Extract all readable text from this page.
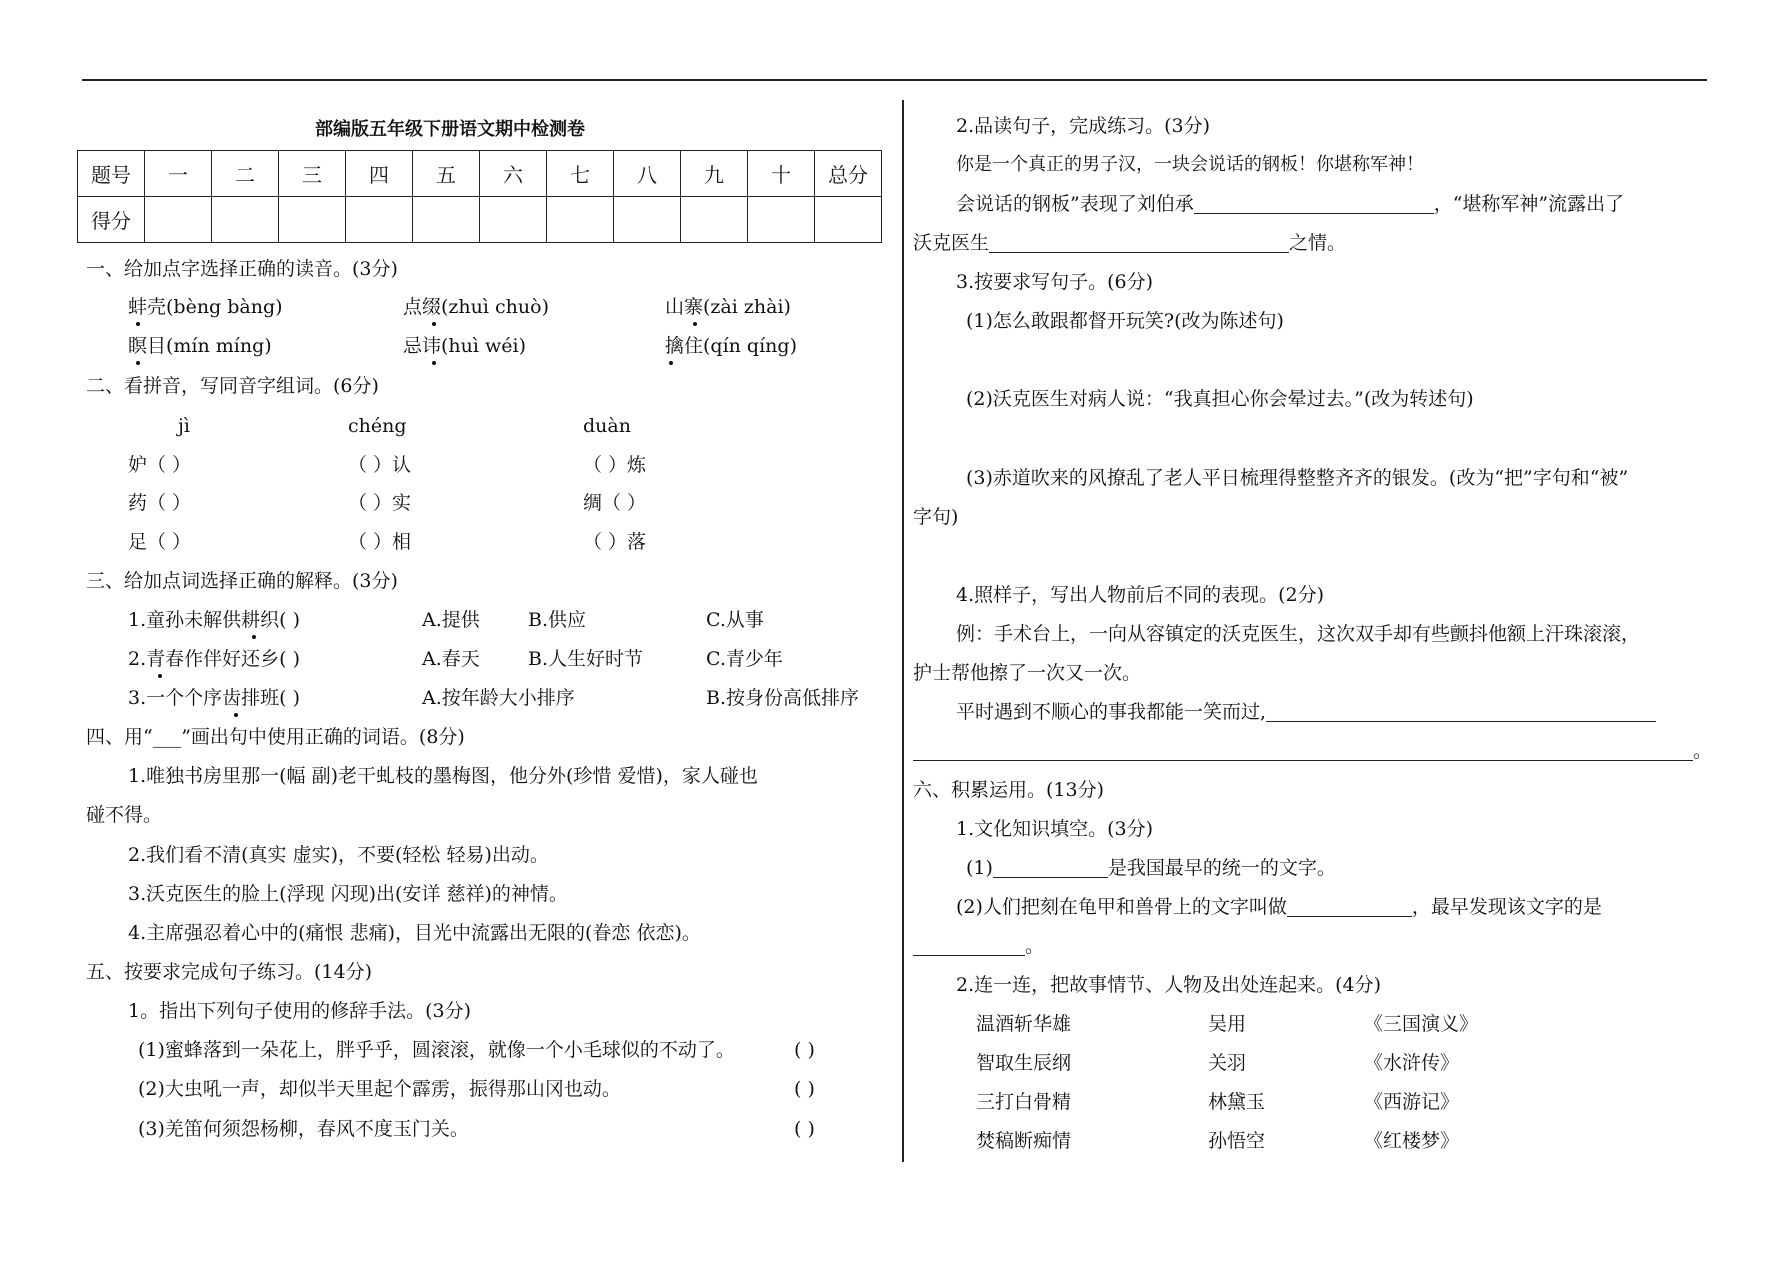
部编版五年级下册语文期中检测卷
题号	一	二	三	四	五	六	七	八	九	十	总分
得分											
一、给加点字选择正确的读音。(3分)
蚌壳(bèng bàng)	点缀(zhuì chuò)	山寨(zài zhài)
瞑目(mín míng)	忌讳(huì wéi)	擒住(qín qíng)
二、看拼音，写同音字组词。(6分)
jì	chéng	duàn
妒（ ）	（ ）认	（ ）炼
药（ ）	（ ）实	绸（ ）
足（ ）	（ ）相	（ ）落
三、给加点词选择正确的解释。(3分)
1.童孙未解供耕织( )	A.提供	B.供应	C.从事
2.青春作伴好还乡( )	A.春天	B.人生好时节	C.青少年
3.一个个序齿排班( )	A.按年龄大小排序	B.按身份高低排序
四、用“___”画出句中使用正确的词语。(8分)
1.唯独书房里那一(幅 副)老干虬枝的墨梅图，他分外(珍惜 爱惜)，家人碰也
碰不得。
2.我们看不清(真实 虚实)，不要(轻松 轻易)出动。
3.沃克医生的脸上(浮现 闪现)出(安详 慈祥)的神情。
4.主席强忍着心中的(痛恨 悲痛)，目光中流露出无限的(眷恋 依恋)。
五、按要求完成句子练习。(14分)
1。指出下列句子使用的修辞手法。(3分)
(1)蜜蜂落到一朵花上，胖乎乎，圆滚滚，就像一个小毛球似的不动了。	( )
(2)大虫吼一声，却似半天里起个霹雳，振得那山冈也动。	( )
(3)羌笛何须怨杨柳，春风不度玉门关。	( )
2.品读句子，完成练习。(3分)
你是一个真正的男子汉，一块会说话的钢板！你堪称军神！
会说话的钢板”表现了刘伯承	，“堪称军神”流露出了
沃克医生	之情。
3.按要求写句子。(6分)
(1)怎么敢跟都督开玩笑?(改为陈述句)
(2)沃克医生对病人说：“我真担心你会晕过去。”(改为转述句)
(3)赤道吹来的风撩乱了老人平日梳理得整整齐齐的银发。(改为“把”字句和“被”
字句)
4.照样子，写出人物前后不同的表现。(2分)
例：手术台上，一向从容镇定的沃克医生，这次双手却有些颤抖他额上汗珠滚滚，
护士帮他擦了一次又一次。
平时遇到不顺心的事我都能一笑而过,
。
六、积累运用。(13分)
1.文化知识填空。(3分)
(1)	是我国最早的统一的文字。
(2)人们把刻在龟甲和兽骨上的文字叫做	，最早发现该文字的是
。
2.连一连，把故事情节、人物及出处连起来。(4分)
温酒斩华雄	吴用	《三国演义》
智取生辰纲	关羽	《水浒传》
三打白骨精	林黛玉	《西游记》
焚稿断痴情	孙悟空	《红楼梦》
